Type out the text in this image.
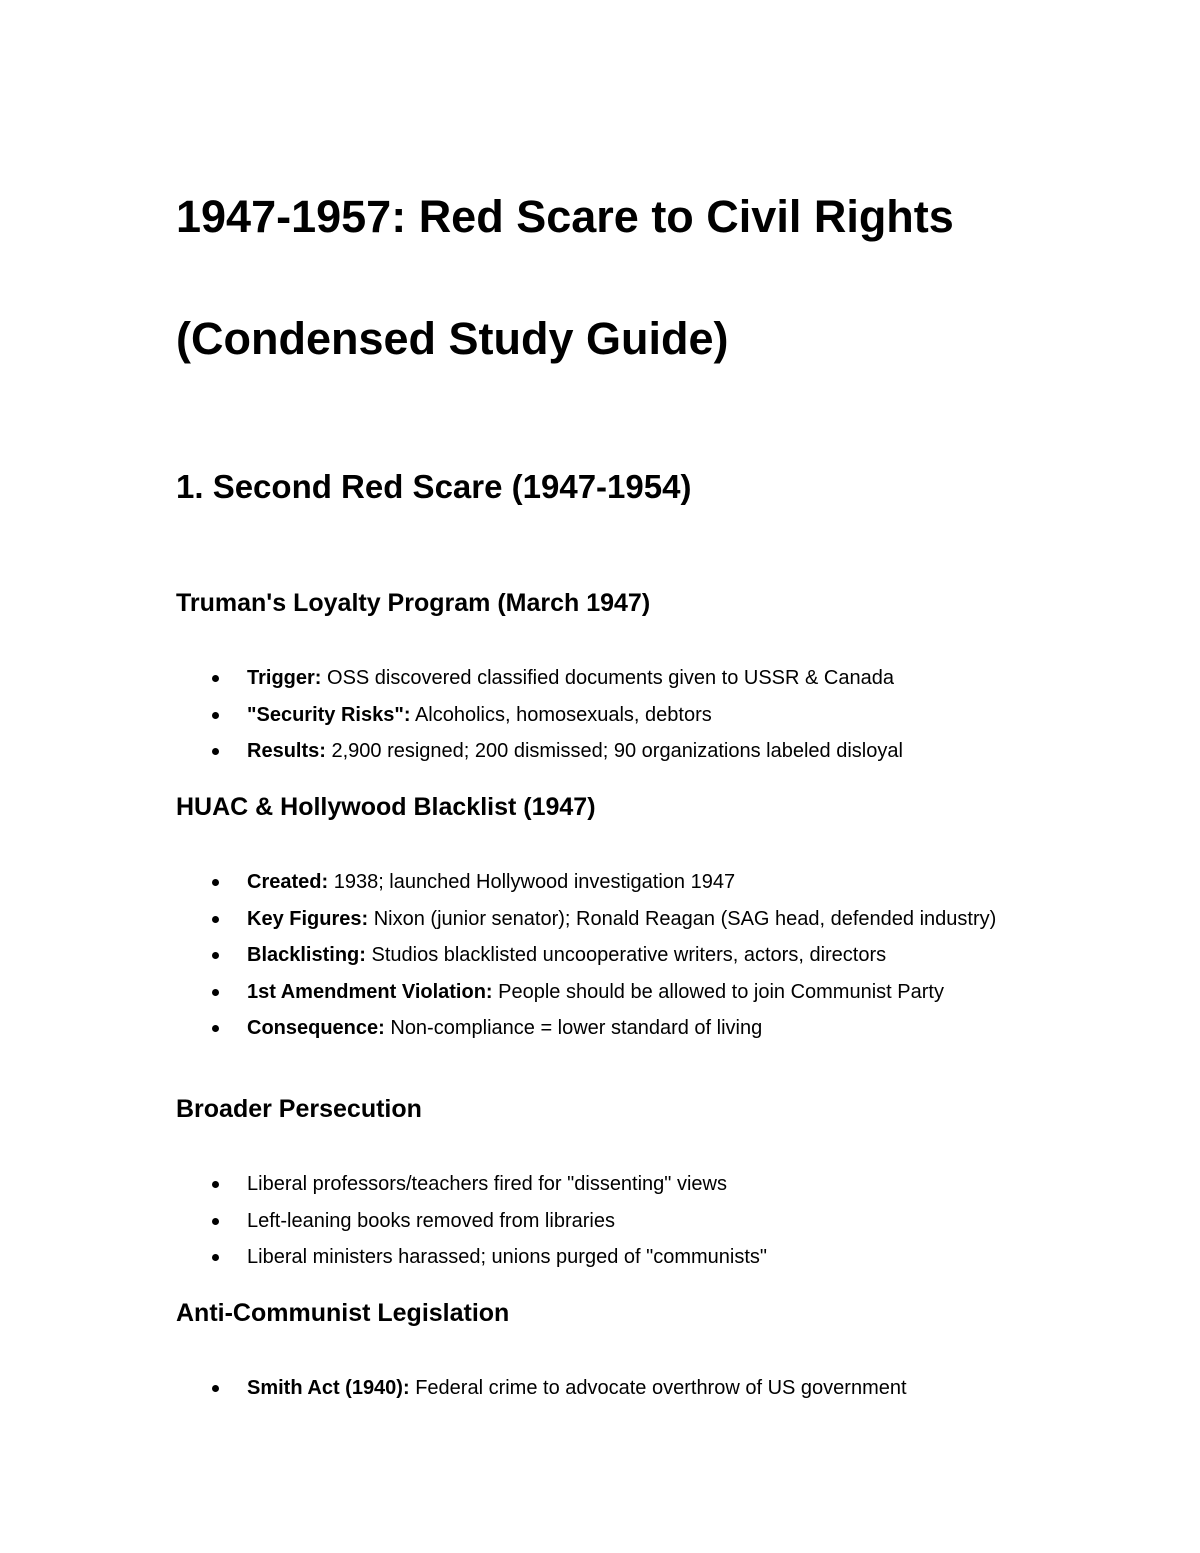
1947-1957: Red Scare to Civil Rights
(Condensed Study Guide)
1. Second Red Scare (1947-1954)
Truman's Loyalty Program (March 1947)
Trigger: OSS discovered classified documents given to USSR & Canada
"Security Risks": Alcoholics, homosexuals, debtors
Results: 2,900 resigned; 200 dismissed; 90 organizations labeled disloyal
HUAC & Hollywood Blacklist (1947)
Created: 1938; launched Hollywood investigation 1947
Key Figures: Nixon (junior senator); Ronald Reagan (SAG head, defended industry)
Blacklisting: Studios blacklisted uncooperative writers, actors, directors
1st Amendment Violation: People should be allowed to join Communist Party
Consequence: Non-compliance = lower standard of living
Broader Persecution
Liberal professors/teachers fired for "dissenting" views
Left-leaning books removed from libraries
Liberal ministers harassed; unions purged of "communists"
Anti-Communist Legislation
Smith Act (1940): Federal crime to advocate overthrow of US government
